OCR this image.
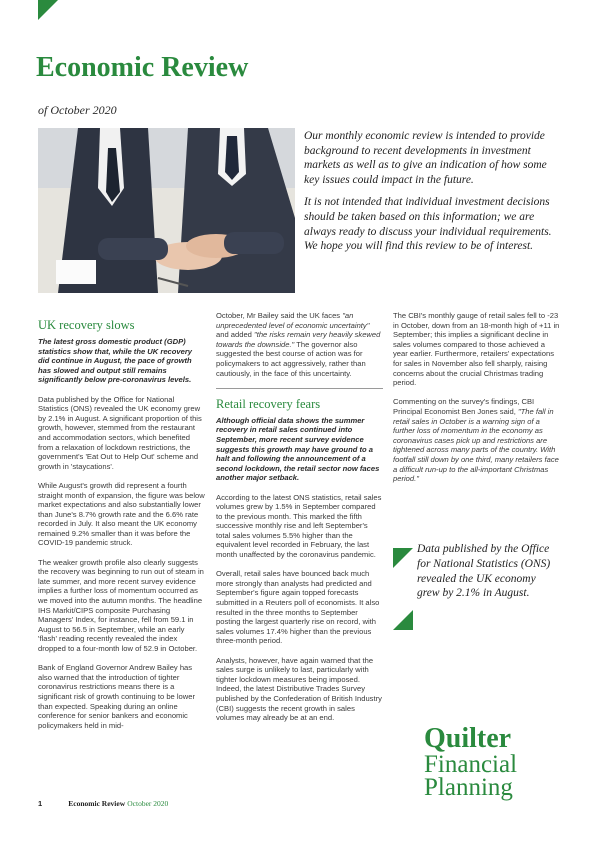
Economic Review
of October 2020

Our monthly economic review is intended to provide background to recent developments in investment markets as well as to give an indication of how some key issues could impact in the future.

It is not intended that individual investment decisions should be taken based on this information; we are always ready to discuss your individual requirements. We hope you will find this review to be of interest.

UK recovery slows

The latest gross domestic product (GDP) statistics show that, while the UK recovery did continue in August, the pace of growth has slowed and output still remains significantly below pre-coronavirus levels.

Data published by the Office for National Statistics (ONS) revealed the UK economy grew by 2.1% in August. A significant proportion of this growth, however, stemmed from the restaurant and accommodation sectors, which benefited from a relaxation of lockdown restrictions, the government's 'Eat Out to Help Out' scheme and growth in 'staycations'.

While August's growth did represent a fourth straight month of expansion, the figure was below market expectations and also substantially lower than June's 8.7% growth rate and the 6.6% rate recorded in July. It also meant the UK economy remained 9.2% smaller than it was before the COVID-19 pandemic struck.

The weaker growth profile also clearly suggests the recovery was beginning to run out of steam in late summer, and more recent survey evidence implies a further loss of momentum occurred as we moved into the autumn months. The headline IHS Markit/CIPS composite Purchasing Managers' Index, for instance, fell from 59.1 in August to 56.5 in September, while an early 'flash' reading recently revealed the index dropped to a four-month low of 52.9 in October.

Bank of England Governor Andrew Bailey has also warned that the introduction of tighter coronavirus restrictions means there is a significant risk of growth continuing to be lower than expected. Speaking during an online conference for senior bankers and economic policymakers held in mid-

October, Mr Bailey said the UK faces "an unprecedented level of economic uncertainty" and added "the risks remain very heavily skewed towards the downside." The governor also suggested the best course of action was for policymakers to act aggressively, rather than cautiously, in the face of this uncertainty.

Retail recovery fears

Although official data shows the summer recovery in retail sales continued into September, more recent survey evidence suggests this growth may have ground to a halt and following the announcement of a second lockdown, the retail sector now faces another major setback.

According to the latest ONS statistics, retail sales volumes grew by 1.5% in September compared to the previous month. This marked the fifth successive monthly rise and left September's total sales volumes 5.5% higher than the equivalent level recorded in February, the last month unaffected by the coronavirus pandemic.

Overall, retail sales have bounced back much more strongly than analysts had predicted and September's figure again topped forecasts submitted in a Reuters poll of economists. It also resulted in the three months to September posting the largest quarterly rise on record, with sales volumes 17.4% higher than the previous three-month period.

Analysts, however, have again warned that the sales surge is unlikely to last, particularly with tighter lockdown measures being imposed. Indeed, the latest Distributive Trades Survey published by the Confederation of British Industry (CBI) suggests the recent growth in sales volumes may already be at an end.

The CBI's monthly gauge of retail sales fell to -23 in October, down from an 18-month high of +11 in September; this implies a significant decline in sales volumes compared to those achieved a year earlier. Furthermore, retailers' expectations for sales in November also fell sharply, raising concerns about the crucial Christmas trading period.

Commenting on the survey's findings, CBI Principal Economist Ben Jones said, "The fall in retail sales in October is a warning sign of a further loss of momentum in the economy as coronavirus cases pick up and restrictions are tightened across many parts of the country. With footfall still down by one third, many retailers face a difficult run-up to the all-important Christmas period."

Data published by the Office for National Statistics (ONS) revealed the UK economy grew by 2.1% in August.
Quilter
Financial
Planning
1	Economic Review October 2020
